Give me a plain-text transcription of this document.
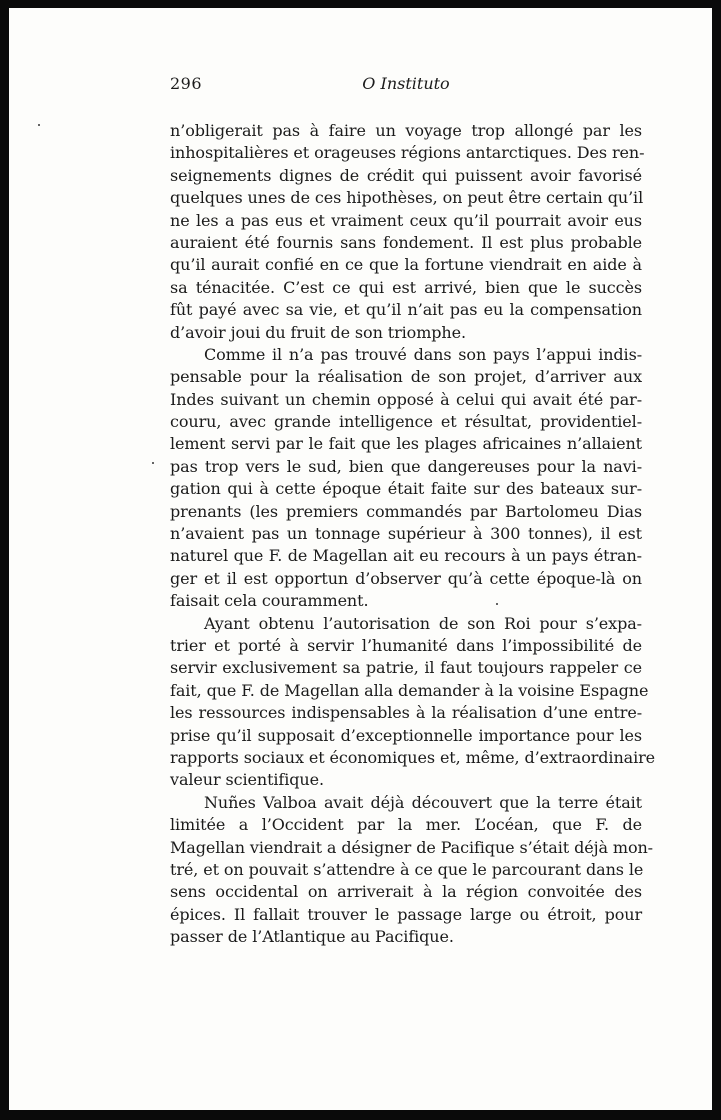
296	O Instituto
n’obligerait pas à faire un voyage trop allongé par les
inhospitalières et orageuses régions antarctiques. Des ren-
seignements dignes de crédit qui puissent avoir favorisé
quelques unes de ces hipothèses, on peut être certain qu’il
ne les a pas eus et vraiment ceux qu’il pourrait avoir eus
auraient été fournis sans fondement. Il est plus probable
qu’il aurait confié en ce que la fortune viendrait en aide à
sa ténacitée. C’est ce qui est arrivé, bien que le succès
fût payé avec sa vie, et qu’il n’ait pas eu la compensation
d’avoir joui du fruit de son triomphe.
Comme il n’a pas trouvé dans son pays l’appui indis-
pensable pour la réalisation de son projet, d’arriver aux
Indes suivant un chemin opposé à celui qui avait été par-
couru, avec grande intelligence et résultat, providentiel-
lement servi par le fait que les plages africaines n’allaient
pas trop vers le sud, bien que dangereuses pour la navi-
gation qui à cette époque était faite sur des bateaux sur-
prenants (les premiers commandés par Bartolomeu Dias
n’avaient pas un tonnage supérieur à 300 tonnes), il est
naturel que F. de Magellan ait eu recours à un pays étran-
ger et il est opportun d’observer qu’à cette époque-là on
faisait cela couramment.
Ayant obtenu l’autorisation de son Roi pour s’expa-
trier et porté à servir l’humanité dans l’impossibilité de
servir exclusivement sa patrie, il faut toujours rappeler ce
fait, que F. de Magellan alla demander à la voisine Espagne
les ressources indispensables à la réalisation d’une entre-
prise qu’il supposait d’exceptionnelle importance pour les
rapports sociaux et économiques et, même, d’extraordinaire
valeur scientifique.
Nuñes Valboa avait déjà découvert que la terre était
limitée a l’Occident par la mer. L’océan, que F. de
Magellan viendrait a désigner de Pacifique s’était déjà mon-
tré, et on pouvait s’attendre à ce que le parcourant dans le
sens occidental on arriverait à la région convoitée des
épices. Il fallait trouver le passage large ou étroit, pour
passer de l’Atlantique au Pacifique.
